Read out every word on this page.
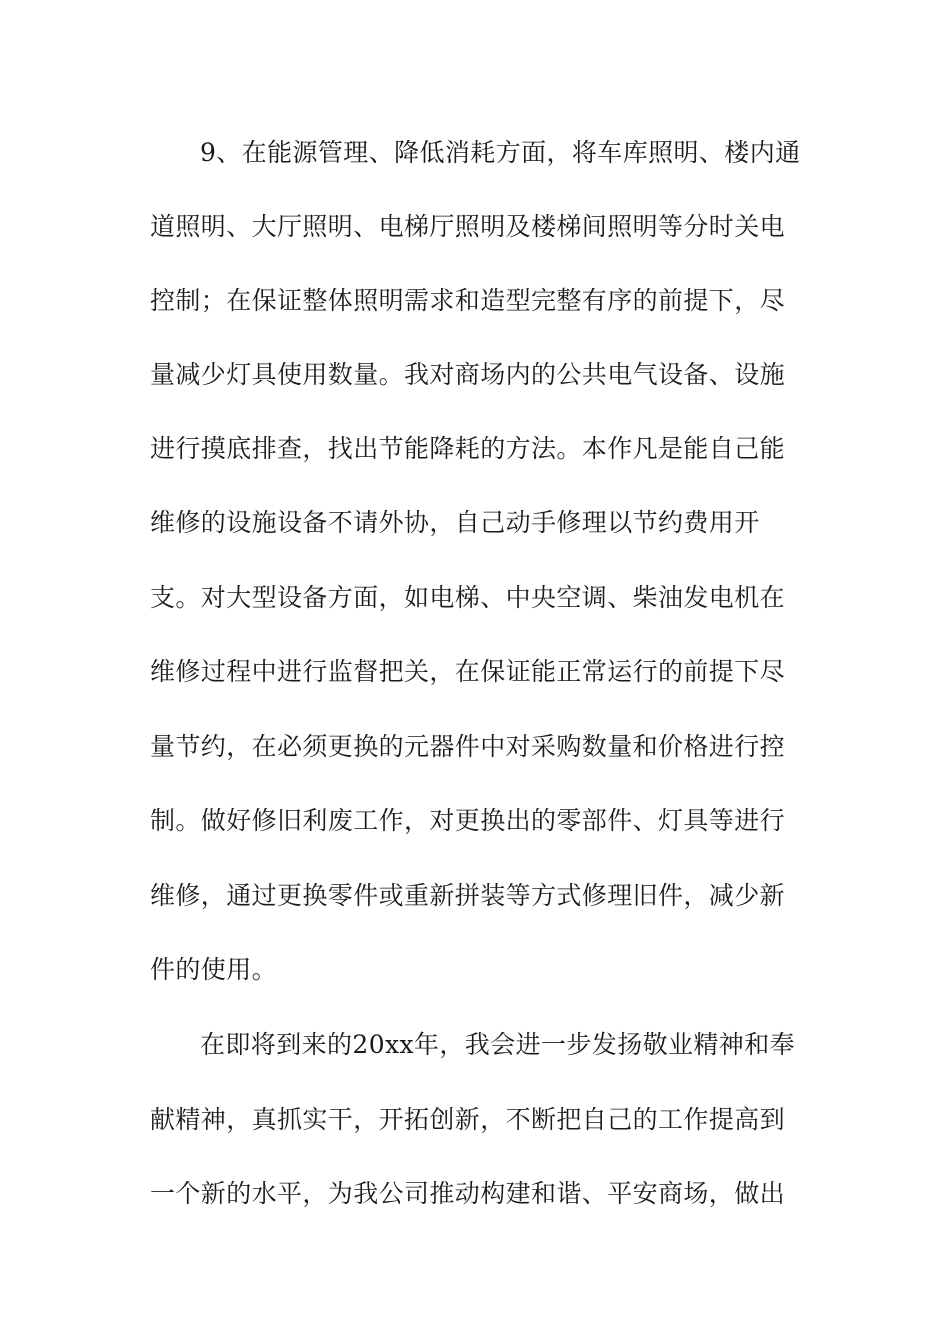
9、在能源管理、降低消耗方面，将车库照明、楼内通
道照明、大厅照明、电梯厅照明及楼梯间照明等分时关电
控制；在保证整体照明需求和造型完整有序的前提下，尽
量减少灯具使用数量。我对商场内的公共电气设备、设施
进行摸底排查，找出节能降耗的方法。本作凡是能自己能
维修的设施设备不请外协，自己动手修理以节约费用开
支。对大型设备方面，如电梯、中央空调、柴油发电机在
维修过程中进行监督把关，在保证能正常运行的前提下尽
量节约，在必须更换的元器件中对采购数量和价格进行控
制。做好修旧利废工作，对更换出的零部件、灯具等进行
维修，通过更换零件或重新拼装等方式修理旧件，减少新
件的使用。
在即将到来的20xx年，我会进一步发扬敬业精神和奉
献精神，真抓实干，开拓创新，不断把自己的工作提高到
一个新的水平，为我公司推动构建和谐、平安商场，做出
